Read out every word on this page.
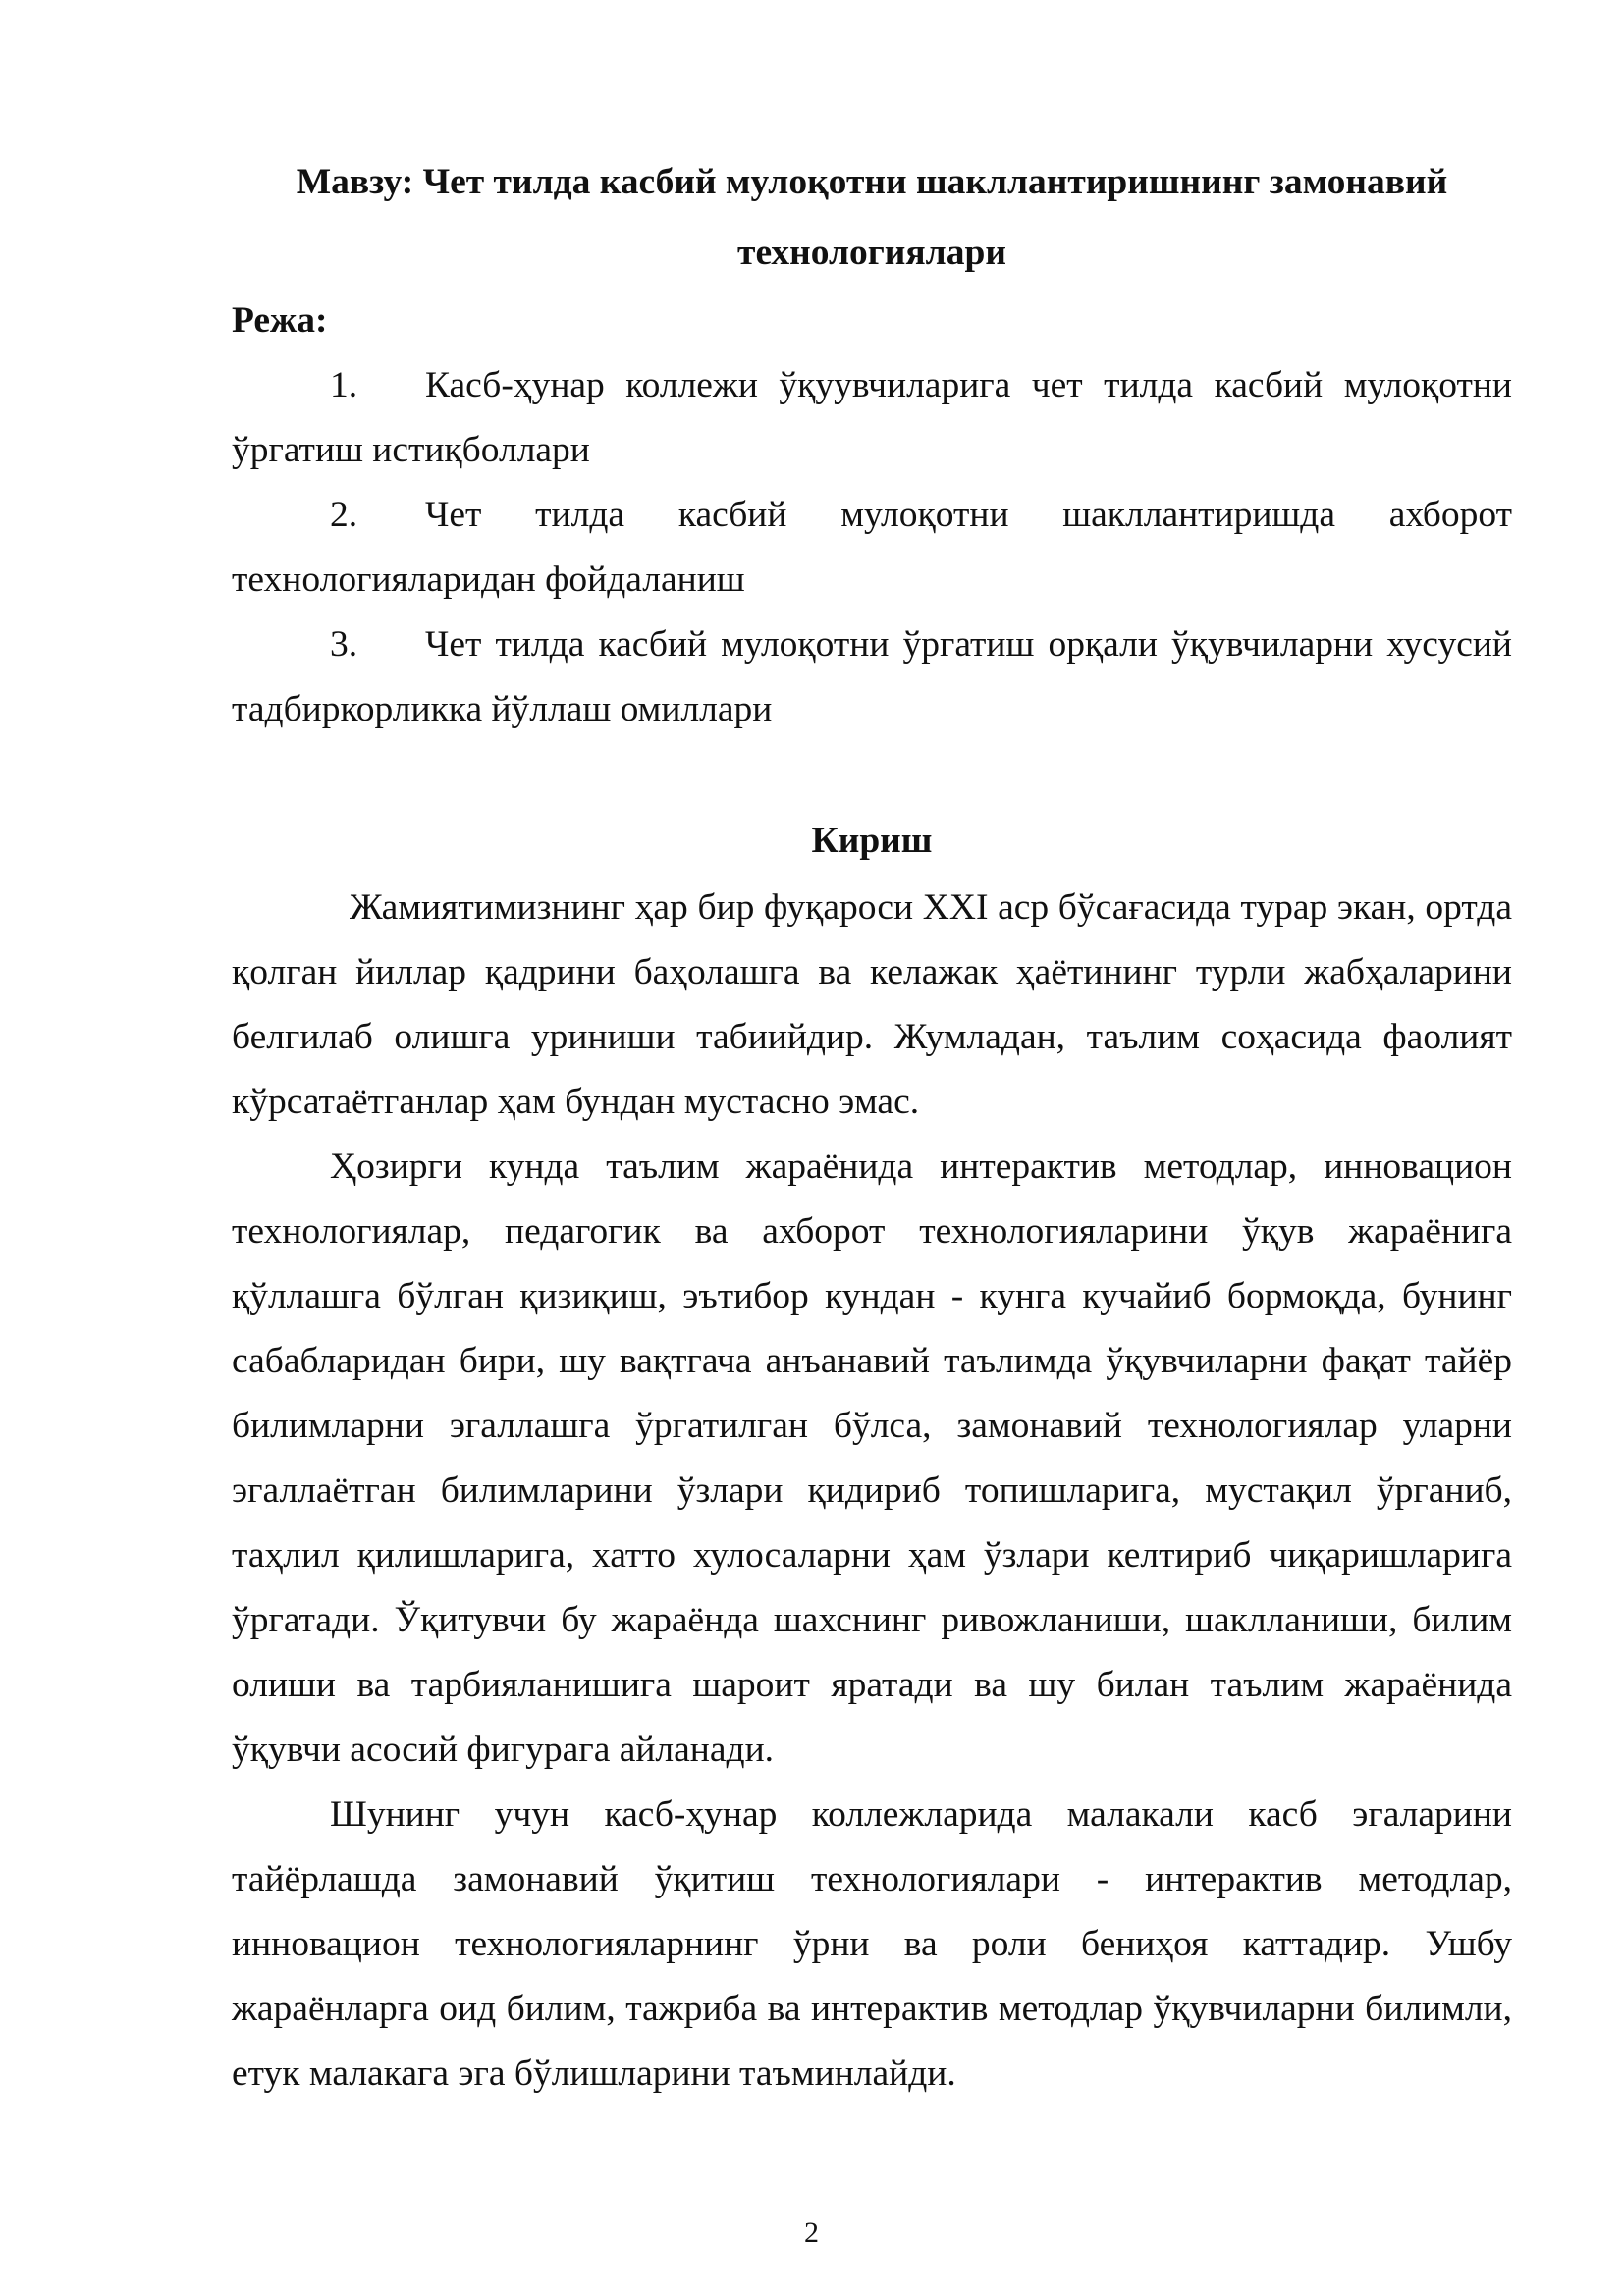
Мавзу: Чет тилда касбий мулоқотни шакллантиришнинг замонавий технологиялари

Режа:

1. Касб-ҳунар коллежи ўқуувчиларига чет тилда касбий мулоқотни ўргатиш истиқболлари

2. Чет тилда касбий мулоқотни шакллантиришда ахборот технологияларидан фойдаланиш

3. Чет тилда касбий мулоқотни ўргатиш орқали ўқувчиларни хусусий тадбиркорликка йўллаш омиллари

Кириш

Жамиятимизнинг ҳар бир фуқароси XXI аср бўсағасида турар экан, ортда қолган йиллар қадрини баҳолашга ва келажак ҳаётининг турли жабҳаларини белгилаб олишга уриниши табиийдир. Жумладан, таълим соҳасида фаолият кўрсатаётганлар ҳам бундан мустасно эмас.

Ҳозирги кунда таълим жараёнида интерактив методлар, инновацион технологиялар, педагогик ва ахборот технологияларини ўқув жараёнига қўллашга бўлган қизиқиш, эътибор кундан - кунга кучайиб бормоқда, бунинг сабабларидан бири, шу вақтгача анъанавий таълимда ўқувчиларни фақат тайёр билимларни эгаллашга ўргатилган бўлса, замонавий технологиялар уларни эгаллаётган билимларини ўзлари қидириб топишларига, мустақил ўрганиб, таҳлил қилишларига, хатто хулосаларни ҳам ўзлари келтириб чиқаришларига ўргатади. Ўқитувчи бу жараёнда шахснинг ривожланиши, шаклланиши, билим олиши ва тарбияланишига шароит яратади ва шу билан таълим жараёнида ўқувчи асосий фигурага айланади.

Шунинг учун касб-ҳунар коллежларида малакали касб эгаларини тайёрлашда замонавий ўқитиш технологиялари - интерактив методлар, инновацион технологияларнинг ўрни ва роли бениҳоя каттадир. Ушбу жараёнларга оид билим, тажриба ва интерактив методлар ўқувчиларни билимли, етук малакага эга бўлишларини таъминлайди.

2
